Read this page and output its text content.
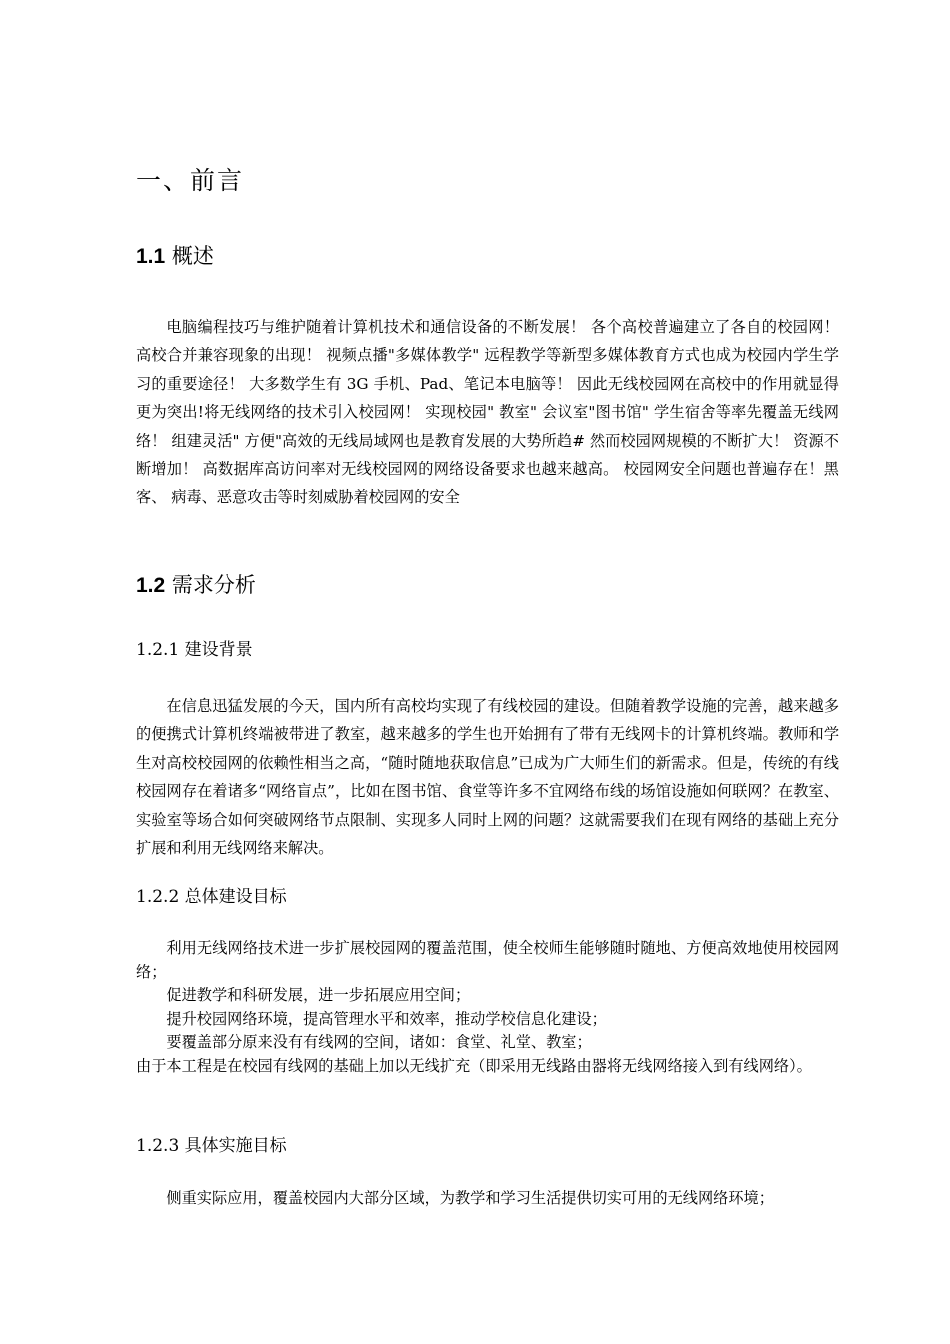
一、前言
1.1 概述
电脑编程技巧与维护随着计算机技术和通信设备的不断发展！ 各个高校普遍建立了各自的校园网！ 高校合并兼容现象的出现！ 视频点播"多媒体教学" 远程教学等新型多媒体教育方式也成为校园内学生学习的重要途径！ 大多数学生有 3G 手机、Pad、笔记本电脑等！ 因此无线校园网在高校中的作用就显得更为突出!将无线网络的技术引入校园网！ 实现校园" 教室" 会议室"图书馆" 学生宿舍等率先覆盖无线网络！ 组建灵活" 方便"高效的无线局域网也是教育发展的大势所趋# 然而校园网规模的不断扩大！ 资源不断增加！ 高数据库高访问率对无线校园网的网络设备要求也越来越高。 校园网安全问题也普遍存在！黑客、 病毒、恶意攻击等时刻威胁着校园网的安全
1.2 需求分析
1.2.1 建设背景
在信息迅猛发展的今天，国内所有高校均实现了有线校园的建设。但随着教学设施的完善，越来越多的便携式计算机终端被带进了教室，越来越多的学生也开始拥有了带有无线网卡的计算机终端。教师和学生对高校校园网的依赖性相当之高，“随时随地获取信息”已成为广大师生们的新需求。但是，传统的有线校园网存在着诸多“网络盲点”，比如在图书馆、食堂等许多不宜网络布线的场馆设施如何联网？在教室、实验室等场合如何突破网络节点限制、实现多人同时上网的问题？这就需要我们在现有网络的基础上充分扩展和利用无线网络来解决。
1.2.2 总体建设目标
利用无线网络技术进一步扩展校园网的覆盖范围，使全校师生能够随时随地、方便高效地使用校园网络；
促进教学和科研发展，进一步拓展应用空间；
提升校园网络环境，提高管理水平和效率，推动学校信息化建设；
要覆盖部分原来没有有线网的空间，诸如：食堂、礼堂、教室；
由于本工程是在校园有线网的基础上加以无线扩充（即采用无线路由器将无线网络接入到有线网络）。
1.2.3 具体实施目标
侧重实际应用，覆盖校园内大部分区域，为教学和学习生活提供切实可用的无线网络环境；
